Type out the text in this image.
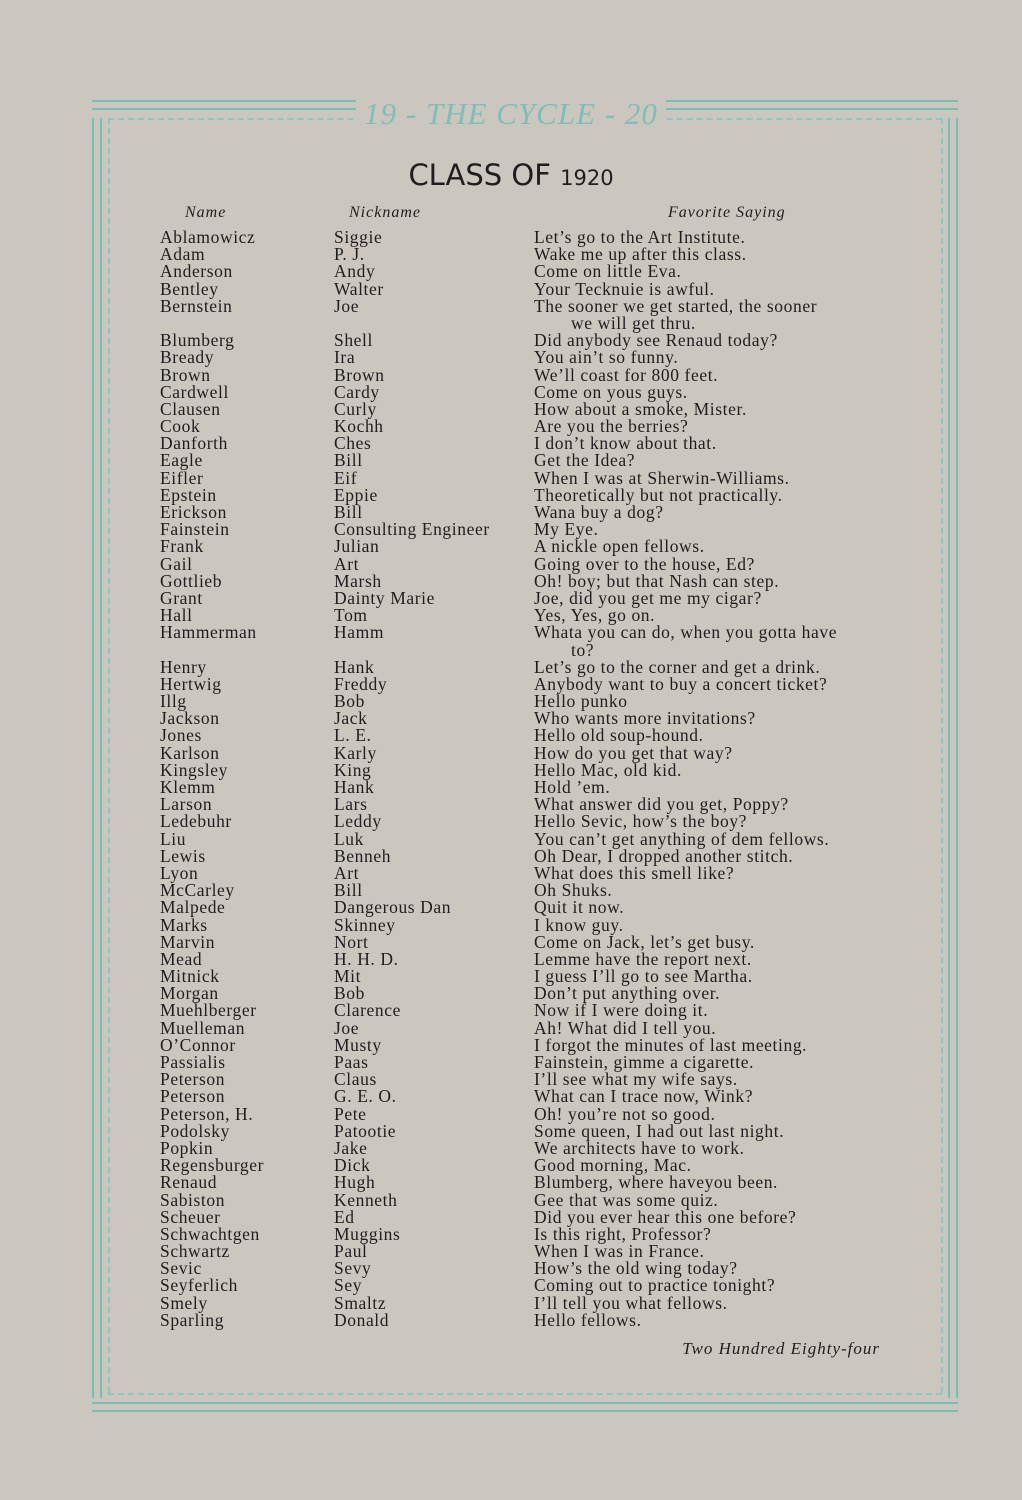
19 - THE CYCLE - 20
CLASS OF 1920
Name	Nickname	Favorite Saying
Ablamowicz	Siggie	Let’s go to the Art Institute.
Adam	P. J.	Wake me up after this class.
Anderson	Andy	Come on little Eva.
Bentley	Walter	Your Tecknuie is awful.
Bernstein	Joe	The sooner we get started, the sooner
we will get thru.
Blumberg	Shell	Did anybody see Renaud today?
Bready	Ira	You ain’t so funny.
Brown	Brown	We’ll coast for 800 feet.
Cardwell	Cardy	Come on yous guys.
Clausen	Curly	How about a smoke, Mister.
Cook	Kochh	Are you the berries?
Danforth	Ches	I don’t know about that.
Eagle	Bill	Get the Idea?
Eifler	Eif	When I was at Sherwin-Williams.
Epstein	Eppie	Theoretically but not practically.
Erickson	Bill	Wana buy a dog?
Fainstein	Consulting Engineer	My Eye.
Frank	Julian	A nickle open fellows.
Gail	Art	Going over to the house, Ed?
Gottlieb	Marsh	Oh! boy; but that Nash can step.
Grant	Dainty Marie	Joe, did you get me my cigar?
Hall	Tom	Yes, Yes, go on.
Hammerman	Hamm	Whata you can do, when you gotta have
to?
Henry	Hank	Let’s go to the corner and get a drink.
Hertwig	Freddy	Anybody want to buy a concert ticket?
Illg	Bob	Hello punko
Jackson	Jack	Who wants more invitations?
Jones	L. E.	Hello old soup-hound.
Karlson	Karly	How do you get that way?
Kingsley	King	Hello Mac, old kid.
Klemm	Hank	Hold ’em.
Larson	Lars	What answer did you get, Poppy?
Ledebuhr	Leddy	Hello Sevic, how’s the boy?
Liu	Luk	You can’t get anything of dem fellows.
Lewis	Benneh	Oh Dear, I dropped another stitch.
Lyon	Art	What does this smell like?
McCarley	Bill	Oh Shuks.
Malpede	Dangerous Dan	Quit it now.
Marks	Skinney	I know guy.
Marvin	Nort	Come on Jack, let’s get busy.
Mead	H. H. D.	Lemme have the report next.
Mitnick	Mit	I guess I’ll go to see Martha.
Morgan	Bob	Don’t put anything over.
Muehlberger	Clarence	Now if I were doing it.
Muelleman	Joe	Ah! What did I tell you.
O’Connor	Musty	I forgot the minutes of last meeting.
Passialis	Paas	Fainstein, gimme a cigarette.
Peterson	Claus	I’ll see what my wife says.
Peterson	G. E. O.	What can I trace now, Wink?
Peterson, H.	Pete	Oh! you’re not so good.
Podolsky	Patootie	Some queen, I had out last night.
Popkin	Jake	We architects have to work.
Regensburger	Dick	Good morning, Mac.
Renaud	Hugh	Blumberg, where haveyou been.
Sabiston	Kenneth	Gee that was some quiz.
Scheuer	Ed	Did you ever hear this one before?
Schwachtgen	Muggins	Is this right, Professor?
Schwartz	Paul	When I was in France.
Sevic	Sevy	How’s the old wing today?
Seyferlich	Sey	Coming out to practice tonight?
Smely	Smaltz	I’ll tell you what fellows.
Sparling	Donald	Hello fellows.
Two Hundred Eighty-four
